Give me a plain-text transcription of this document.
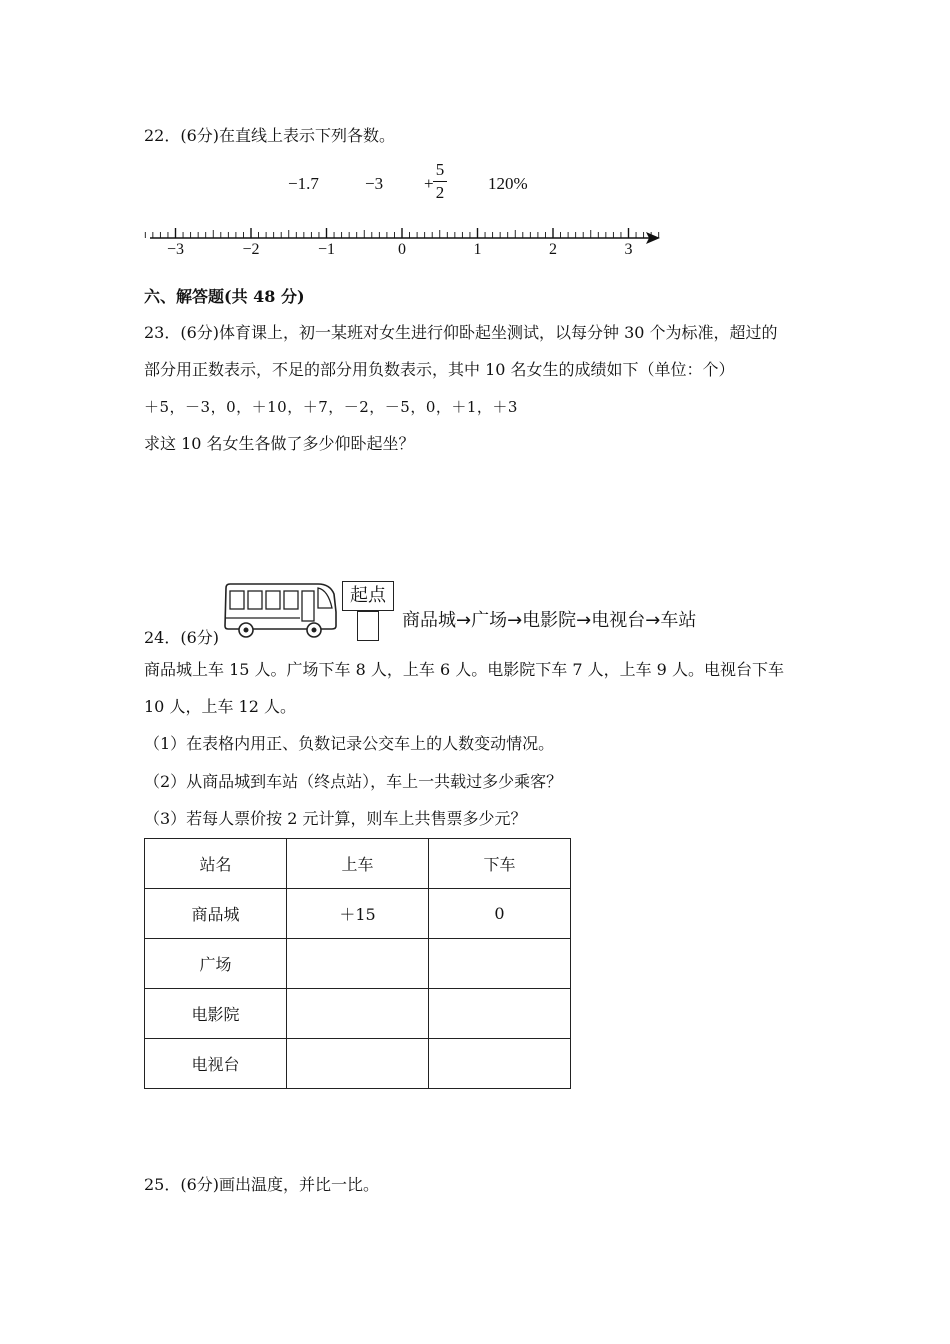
22．(6分)在直线上表示下列各数。
−1.7	−3 +
5
2	120%
−3	−2	−1	0	1	2	3
六、解答题(共 48 分)
23．(6分)体育课上，初一某班对女生进行仰卧起坐测试，以每分钟 30 个为标准，超过的
部分用正数表示，不足的部分用负数表示，其中 10 名女生的成绩如下（单位：个）
＋5，－3，0，＋10，＋7，－2，－5，0，＋1，＋3
求这 10 名女生各做了多少仰卧起坐？
起点
商品城→广场→电影院→电视台→车站
24．(6分)
商品城上车 15 人。广场下车 8 人，上车 6 人。电影院下车 7 人，上车 9 人。电视台下车
10 人，上车 12 人。
（1）在表格内用正、负数记录公交车上的人数变动情况。
（2）从商品城到车站（终点站），车上一共载过多少乘客？
（3）若每人票价按 2 元计算，则车上共售票多少元？
站名	上车	下车
商品城	＋15	0
广场		
电影院		
电视台		
25．(6分)画出温度，并比一比。
